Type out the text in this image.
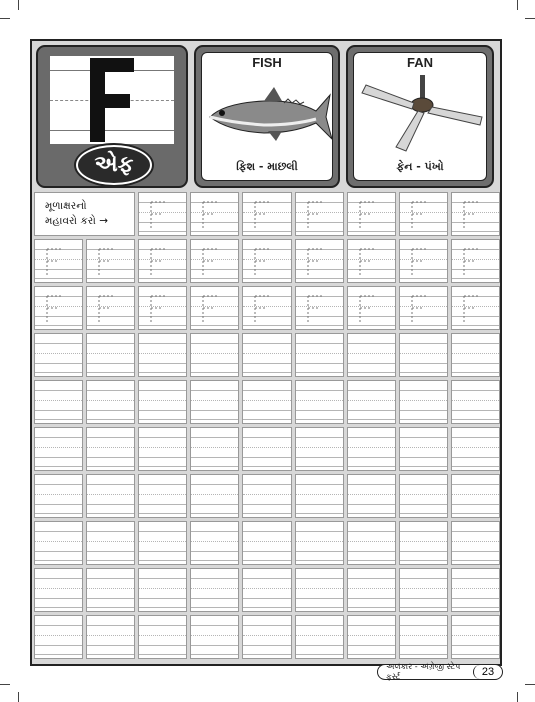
એફ
FISH
ફિશ - માછલી
FAN
ફેન - પંખો
મૂળાક્ષરનો
મહાવરો કરો →
અલંકાર - અંગ્રેજી સ્ટેપ ફર્સ્ટ	23
